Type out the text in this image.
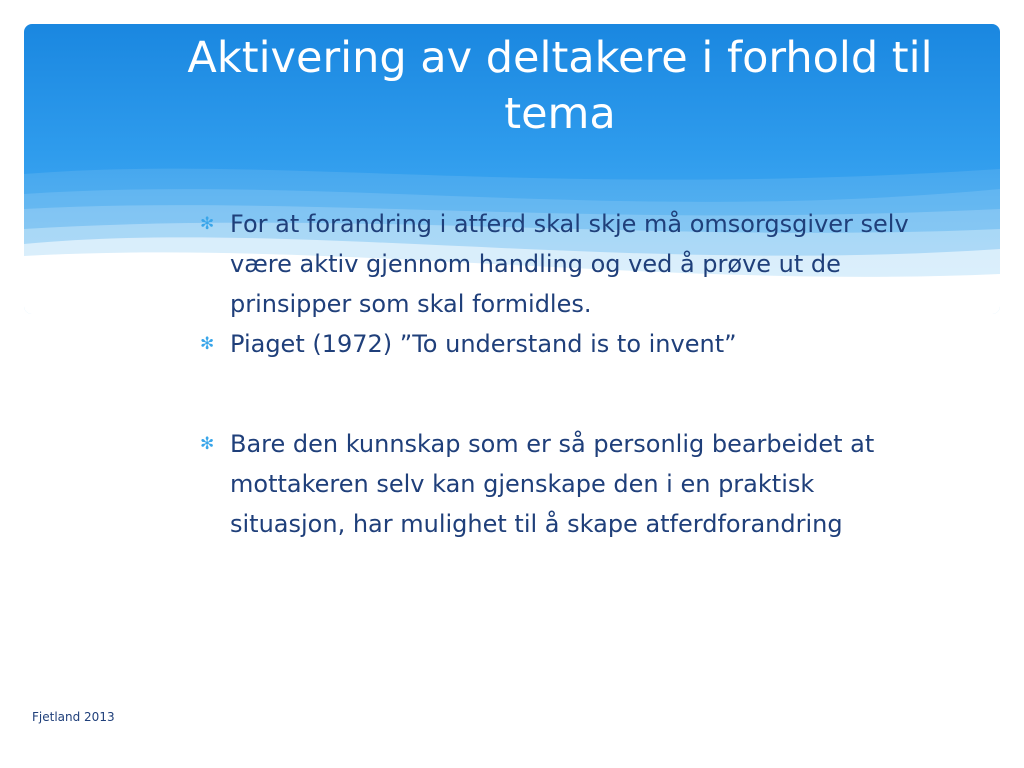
Aktivering av deltakere i forhold til tema
✻ For at forandring i atferd skal skje må omsorgsgiver selv være aktiv gjennom handling og ved å prøve ut de prinsipper som skal formidles.
✻ Piaget (1972) ”To understand is to invent”
✻ Bare den kunnskap som er så personlig bearbeidet at mottakeren selv kan gjenskape den i en praktisk situasjon, har mulighet til å skape atferdforandring
Fjetland 2013
